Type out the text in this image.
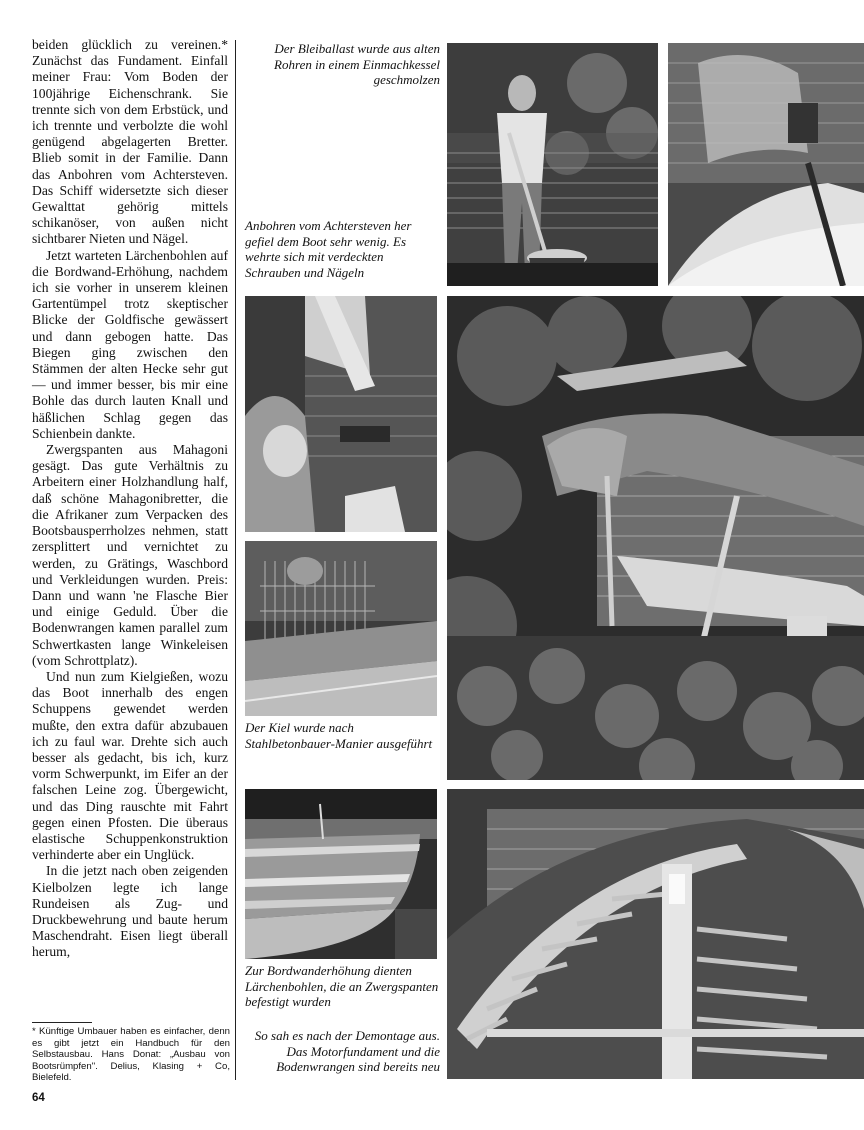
beiden glücklich zu vereinen.* Zunächst das Fundament. Einfall meiner Frau: Vom Boden der 100jährige Eichenschrank. Sie trennte sich von dem Erbstück, und ich trennte und verbolzte die wohl genügend abgelagerten Bretter. Blieb somit in der Familie. Dann das Anbohren vom Achtersteven. Das Schiff widersetzte sich dieser Gewalttat gehörig mittels schikanöser, von außen nicht sichtbarer Nieten und Nägel.

Jetzt warteten Lärchenbohlen auf die Bordwand-Erhöhung, nachdem ich sie vorher in unserem kleinen Gartentümpel trotz skeptischer Blicke der Goldfische gewässert und dann gebogen hatte. Das Biegen ging zwischen den Stämmen der alten Hecke sehr gut — und immer besser, bis mir eine Bohle das durch lauten Knall und häßlichen Schlag gegen das Schienbein dankte.

Zwergspanten aus Mahagoni gesägt. Das gute Verhältnis zu Arbeitern einer Holzhandlung half, daß schöne Mahagonibretter, die die Afrikaner zum Verpacken des Bootsbausperrholzes nehmen, statt zersplittert und vernichtet zu werden, zu Grätings, Waschbord und Verkleidungen wurden. Preis: Dann und wann 'ne Flasche Bier und einige Geduld. Über die Bodenwrangen kamen parallel zum Schwertkasten lange Winkeleisen (vom Schrottplatz).

Und nun zum Kielgießen, wozu das Boot innerhalb des engen Schuppens gewendet werden mußte, den extra dafür abzubauen ich zu faul war. Drehte sich auch besser als gedacht, bis ich, kurz vorm Schwerpunkt, im Eifer an der falschen Leine zog. Übergewicht, und das Ding rauschte mit Fahrt gegen einen Pfosten. Die überaus elastische Schuppenkonstruktion verhinderte aber ein Unglück.

In die jetzt nach oben zeigenden Kielbolzen legte ich lange Rundeisen als Zug- und Druckbewehrung und baute herum Maschendraht. Eisen liegt überall herum,

* Künftige Umbauer haben es einfacher, denn es gibt jetzt ein Handbuch für den Selbstausbau. Hans Donat: „Ausbau von Bootsrümpfen". Delius, Klasing + Co, Bielefeld.
64
Der Bleiballast wurde aus alten Rohren in einem Einmachkessel geschmolzen
Anbohren vom Achtersteven her gefiel dem Boot sehr wenig. Es wehrte sich mit verdeckten Schrauben und Nägeln
Der Kiel wurde nach Stahlbetonbauer-Manier ausgeführt
Zur Bordwanderhöhung dienten Lärchenbohlen, die an Zwergspanten befestigt wurden
So sah es nach der Demontage aus. Das Motorfundament und die Bodenwrangen sind bereits neu
